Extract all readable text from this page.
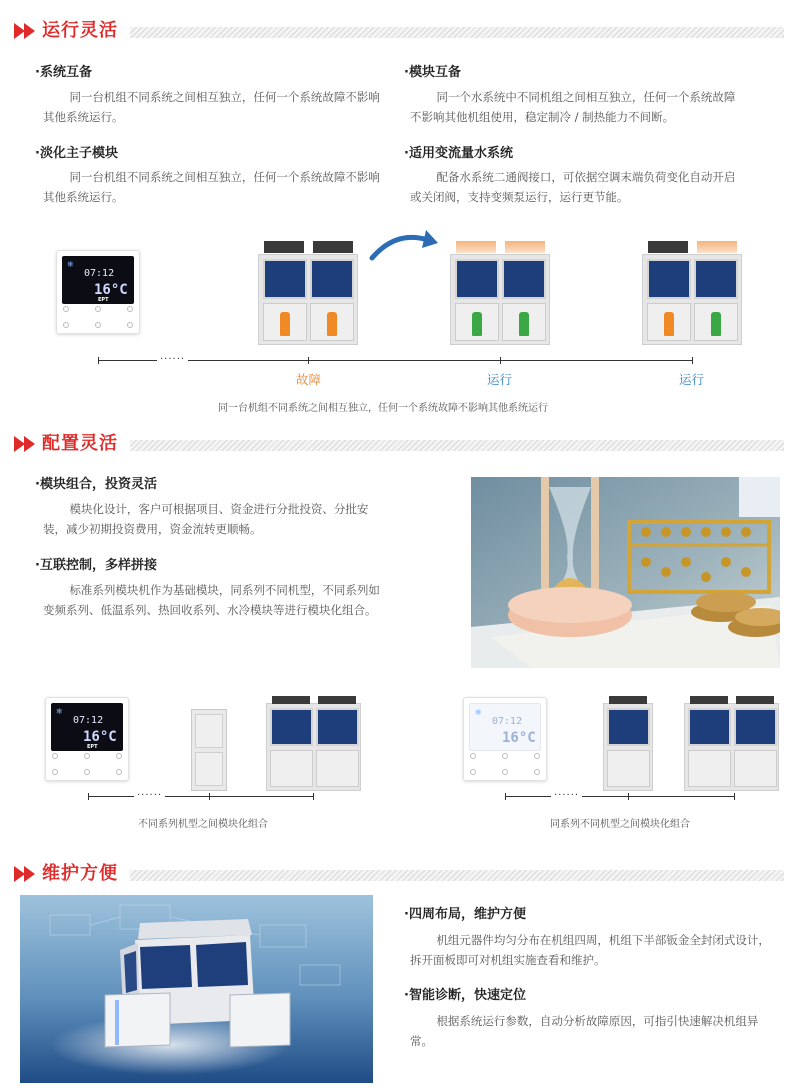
运行灵活
·系统互备
同一台机组不同系统之间相互独立，任何一个系统故障不影响其他系统运行。
·模块互备
同一个水系统中不同机组之间相互独立，任何一个系统故障不影响其他机组使用，稳定制冷 / 制热能力不间断。
·淡化主子模块
同一台机组不同系统之间相互独立，任何一个系统故障不影响其他系统运行。
·适用变流量水系统
配备水系统二通阀接口，可依据空调末端负荷变化自动开启或关闭阀，支持变频泵运行，运行更节能。
❄
07:12
16°C
EPT
······
故障	运行	运行
同一台机组不同系统之间相互独立，任何一个系统故障不影响其他系统运行
配置灵活
·模块组合，投资灵活
模块化设计，客户可根据项目、资金进行分批投资、分批安装，减少初期投资费用，资金流转更顺畅。
·互联控制，多样拼接
标准系列模块机作为基础模块，同系列不同机型，不同系列如变频系列、低温系列、热回收系列、水冷模块等进行模块化组合。
❄
07:12
16°C
EPT
······
不同系列机型之间模块化组合
❄
07:12
16°C
······
同系列不同机型之间模块化组合
维护方便
·四周布局，维护方便
机组元器件均匀分布在机组四周，机组下半部钣金全封闭式设计，拆开面板即可对机组实施查看和维护。
·智能诊断，快速定位
根据系统运行参数，自动分析故障原因，可指引快速解决机组异常。
